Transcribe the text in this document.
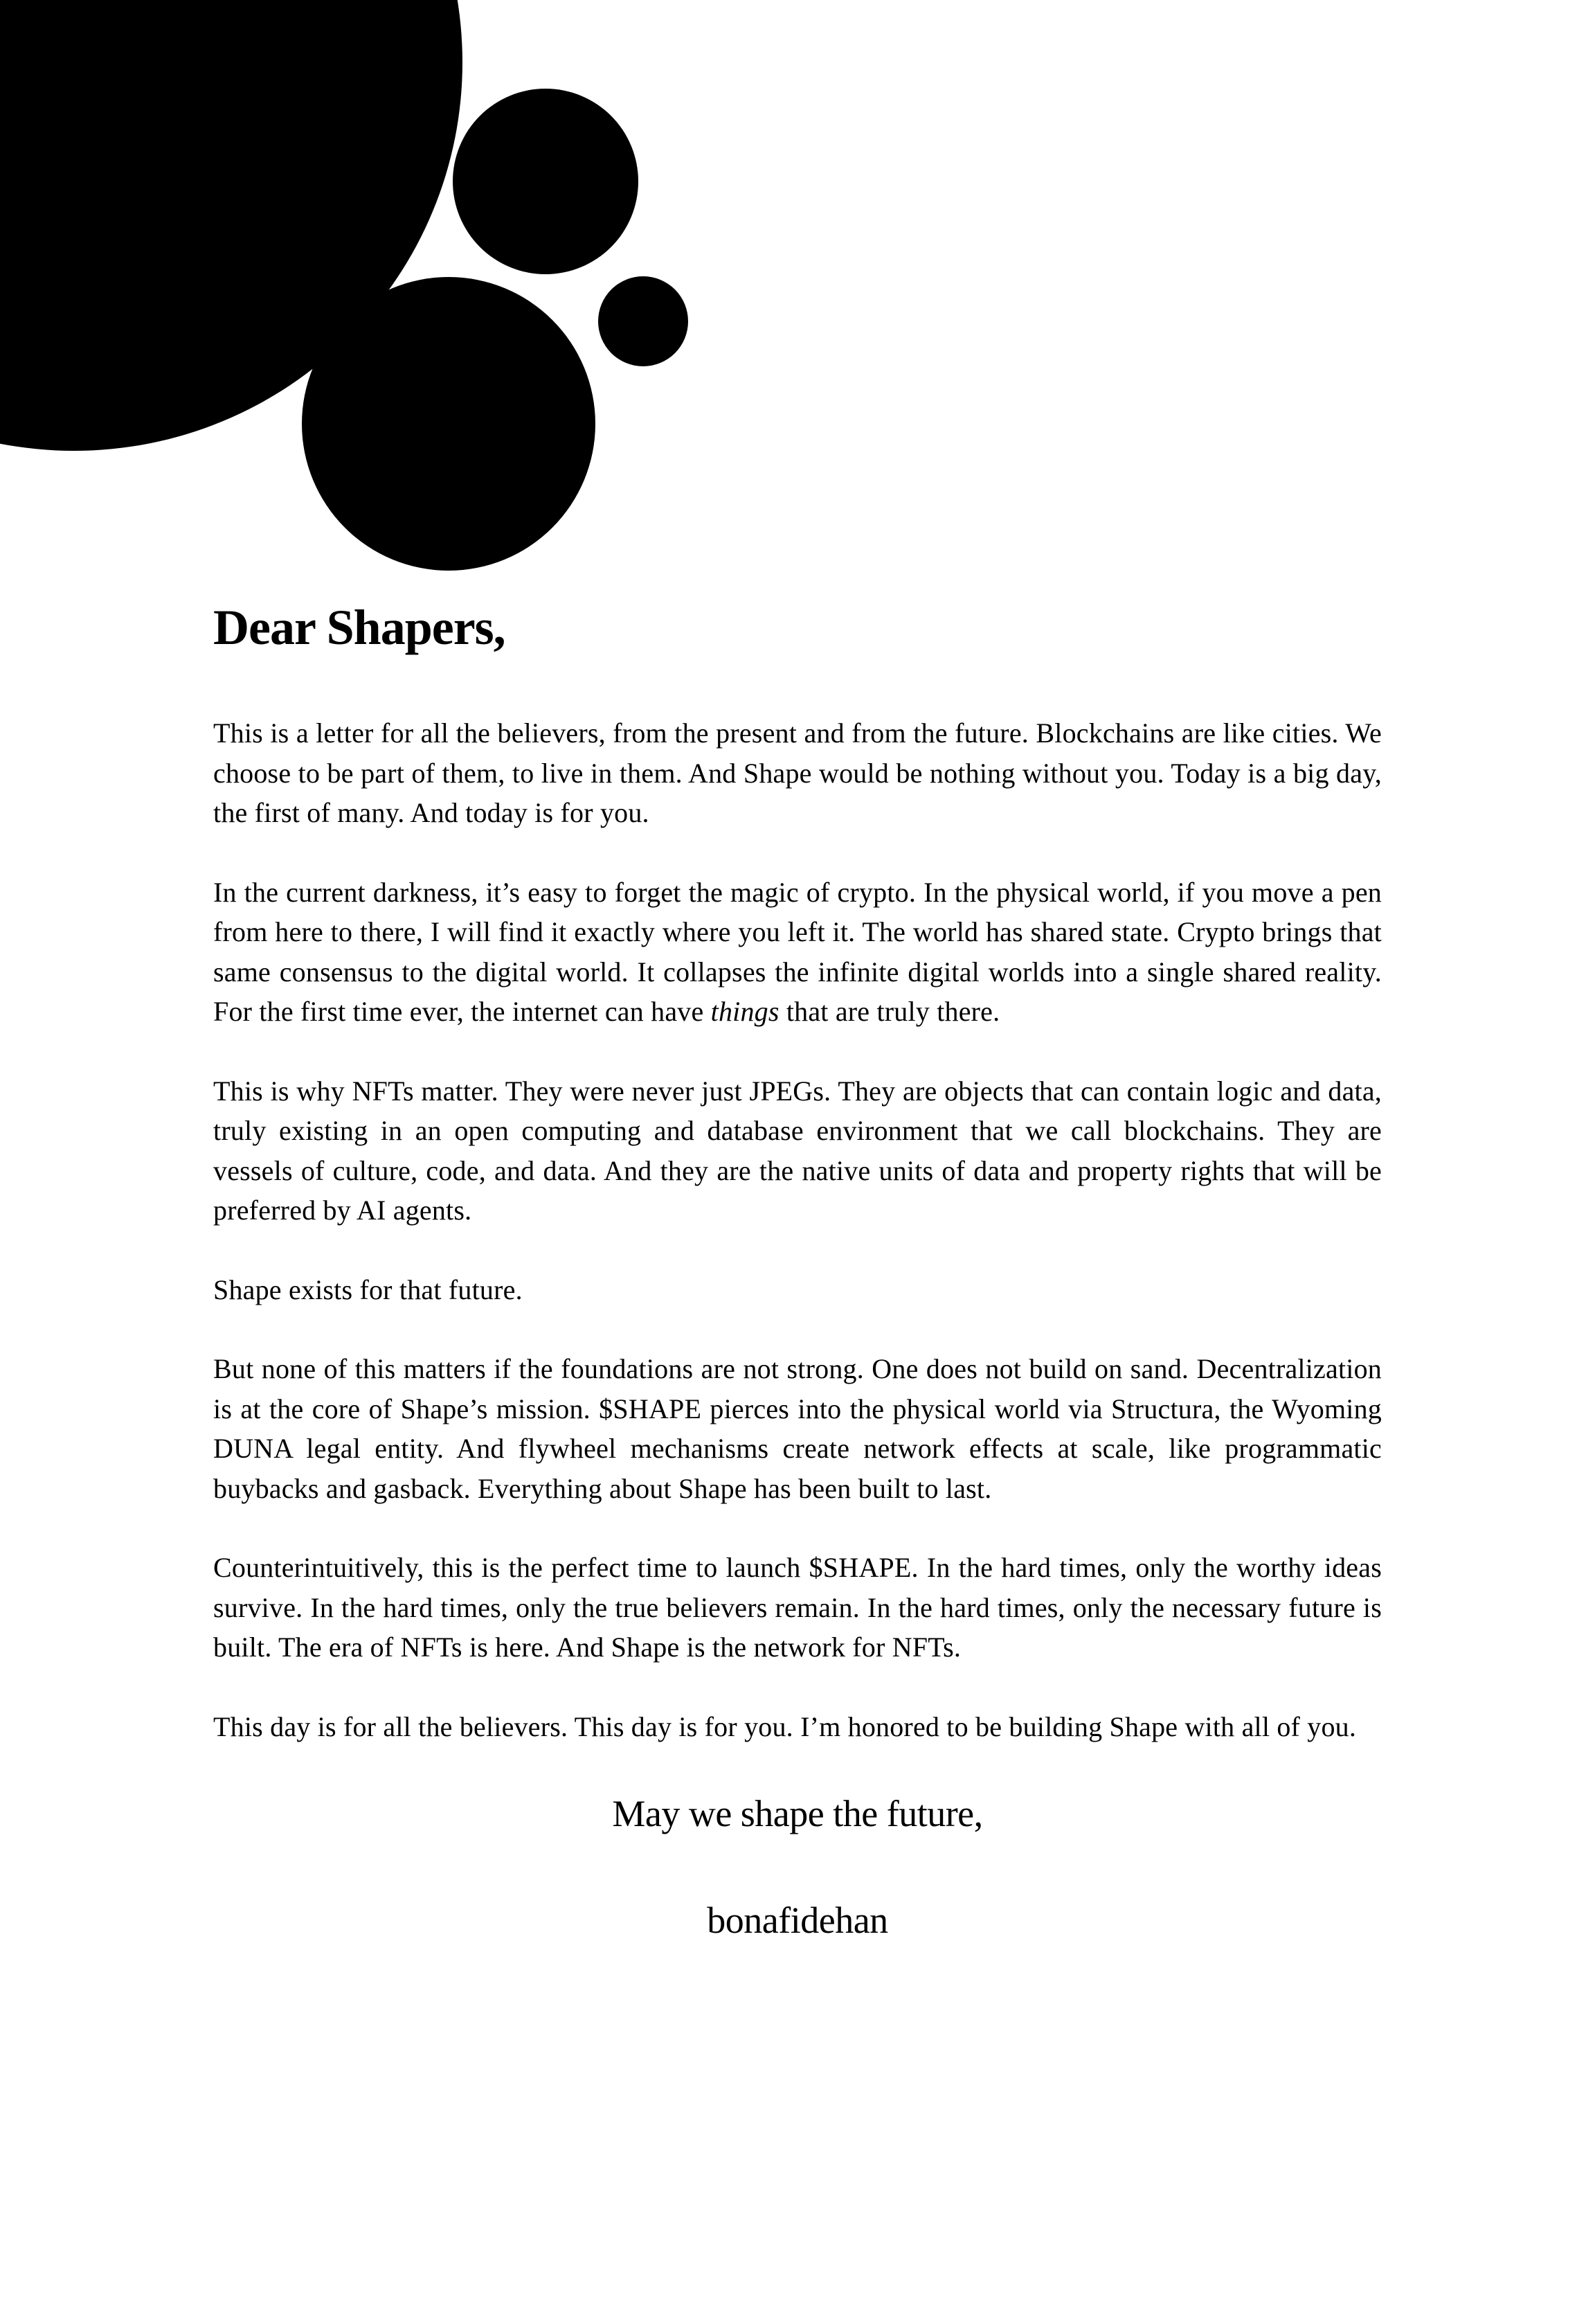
Dear Shapers,

This is a letter for all the believers, from the present and from the future. Blockchains are like cities. We choose to be part of them, to live in them. And Shape would be nothing without you. Today is a big day, the first of many. And today is for you.

In the current darkness, it’s easy to forget the magic of crypto. In the physical world, if you move a pen from here to there, I will find it exactly where you left it. The world has shared state. Crypto brings that same consensus to the digital world. It collapses the infinite digital worlds into a single shared reality. For the first time ever, the internet can have things that are truly there.

This is why NFTs matter. They were never just JPEGs. They are objects that can contain logic and data, truly existing in an open computing and database environment that we call blockchains. They are vessels of culture, code, and data. And they are the native units of data and property rights that will be preferred by AI agents.

Shape exists for that future.

But none of this matters if the foundations are not strong. One does not build on sand. Decentralization is at the core of Shape’s mission. $SHAPE pierces into the physical world via Structura, the Wyoming DUNA legal entity. And flywheel mechanisms create network effects at scale, like programmatic buybacks and gasback. Everything about Shape has been built to last.

Counterintuitively, this is the perfect time to launch $SHAPE. In the hard times, only the worthy ideas survive. In the hard times, only the true believers remain. In the hard times, only the necessary future is built. The era of NFTs is here. And Shape is the network for NFTs.

This day is for all the believers. This day is for you. I’m honored to be building Shape with all of you.

May we shape the future,

bonafidehan
